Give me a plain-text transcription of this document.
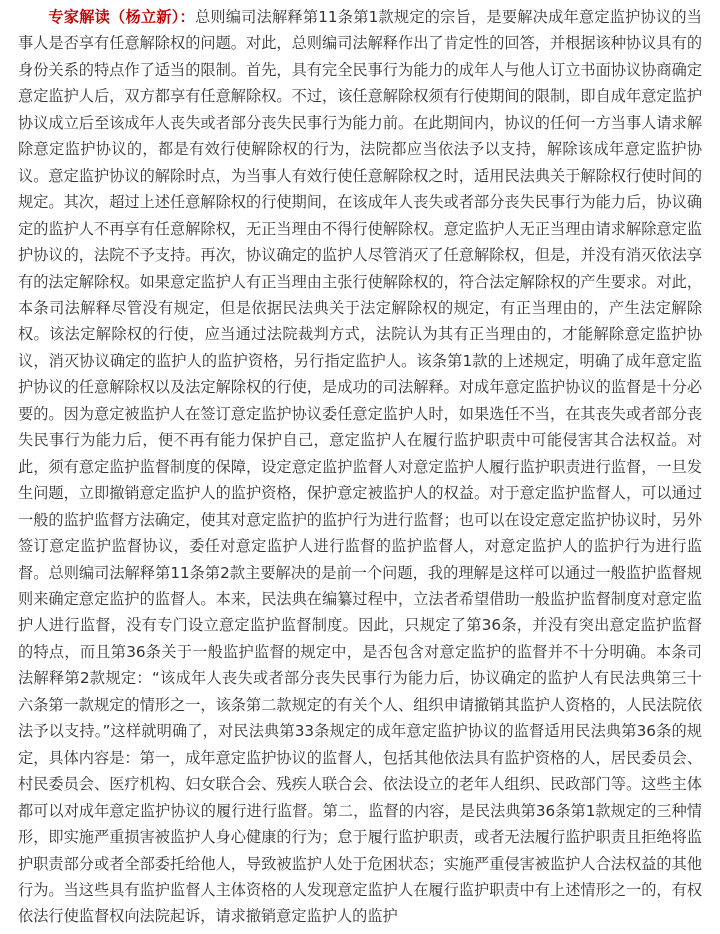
专家解读（杨立新）：总则编司法解释第11条第1款规定的宗旨，是要解决成年意定监护协议的当事人是否享有任意解除权的问题。对此，总则编司法解释作出了肯定性的回答，并根据该种协议具有的身份关系的特点作了适当的限制。首先，具有完全民事行为能力的成年人与他人订立书面协议协商确定意定监护人后，双方都享有任意解除权。不过，该任意解除权须有行使期间的限制，即自成年意定监护协议成立后至该成年人丧失或者部分丧失民事行为能力前。在此期间内，协议的任何一方当事人请求解除意定监护协议的，都是有效行使解除权的行为，法院都应当依法予以支持，解除该成年意定监护协议。意定监护协议的解除时点，为当事人有效行使任意解除权之时，适用民法典关于解除权行使时间的规定。其次，超过上述任意解除权的行使期间，在该成年人丧失或者部分丧失民事行为能力后，协议确定的监护人不再享有任意解除权，无正当理由不得行使解除权。意定监护人无正当理由请求解除意定监护协议的，法院不予支持。再次，协议确定的监护人尽管消灭了任意解除权，但是，并没有消灭依法享有的法定解除权。如果意定监护人有正当理由主张行使解除权的，符合法定解除权的产生要求。对此，本条司法解释尽管没有规定，但是依据民法典关于法定解除权的规定，有正当理由的，产生法定解除权。该法定解除权的行使，应当通过法院裁判方式，法院认为其有正当理由的，才能解除意定监护协议，消灭协议确定的监护人的监护资格，另行指定监护人。该条第1款的上述规定，明确了成年意定监护协议的任意解除权以及法定解除权的行使，是成功的司法解释。对成年意定监护协议的监督是十分必要的。因为意定被监护人在签订意定监护协议委任意定监护人时，如果选任不当，在其丧失或者部分丧失民事行为能力后，便不再有能力保护自己，意定监护人在履行监护职责中可能侵害其合法权益。对此，须有意定监护监督制度的保障，设定意定监护监督人对意定监护人履行监护职责进行监督，一旦发生问题，立即撤销意定监护人的监护资格，保护意定被监护人的权益。对于意定监护监督人，可以通过一般的监护监督方法确定，使其对意定监护的监护行为进行监督；也可以在设定意定监护协议时，另外签订意定监护监督协议，委任对意定监护人进行监督的监护监督人，对意定监护人的监护行为进行监督。总则编司法解释第11条第2款主要解决的是前一个问题，我的理解是这样可以通过一般监护监督规则来确定意定监护的监督人。本来，民法典在编纂过程中，立法者希望借助一般监护监督制度对意定监护人进行监督，没有专门设立意定监护监督制度。因此，只规定了第36条，并没有突出意定监护监督的特点，而且第36条关于一般监护监督的规定中，是否包含对意定监护的监督并不十分明确。本条司法解释第2款规定：“该成年人丧失或者部分丧失民事行为能力后，协议确定的监护人有民法典第三十六条第一款规定的情形之一，该条第二款规定的有关个人、组织申请撤销其监护人资格的，人民法院依法予以支持。”这样就明确了，对民法典第33条规定的成年意定监护协议的监督适用民法典第36条的规定，具体内容是：第一，成年意定监护协议的监督人，包括其他依法具有监护资格的人，居民委员会、村民委员会、医疗机构、妇女联合会、残疾人联合会、依法设立的老年人组织、民政部门等。这些主体都可以对成年意定监护协议的履行进行监督。第二，监督的内容，是民法典第36条第1款规定的三种情形，即实施严重损害被监护人身心健康的行为；怠于履行监护职责，或者无法履行监护职责且拒绝将监护职责部分或者全部委托给他人，导致被监护人处于危困状态；实施严重侵害被监护人合法权益的其他行为。当这些具有监护监督人主体资格的人发现意定监护人在履行监护职责中有上述情形之一的，有权依法行使监督权向法院起诉，请求撤销意定监护人的监护
